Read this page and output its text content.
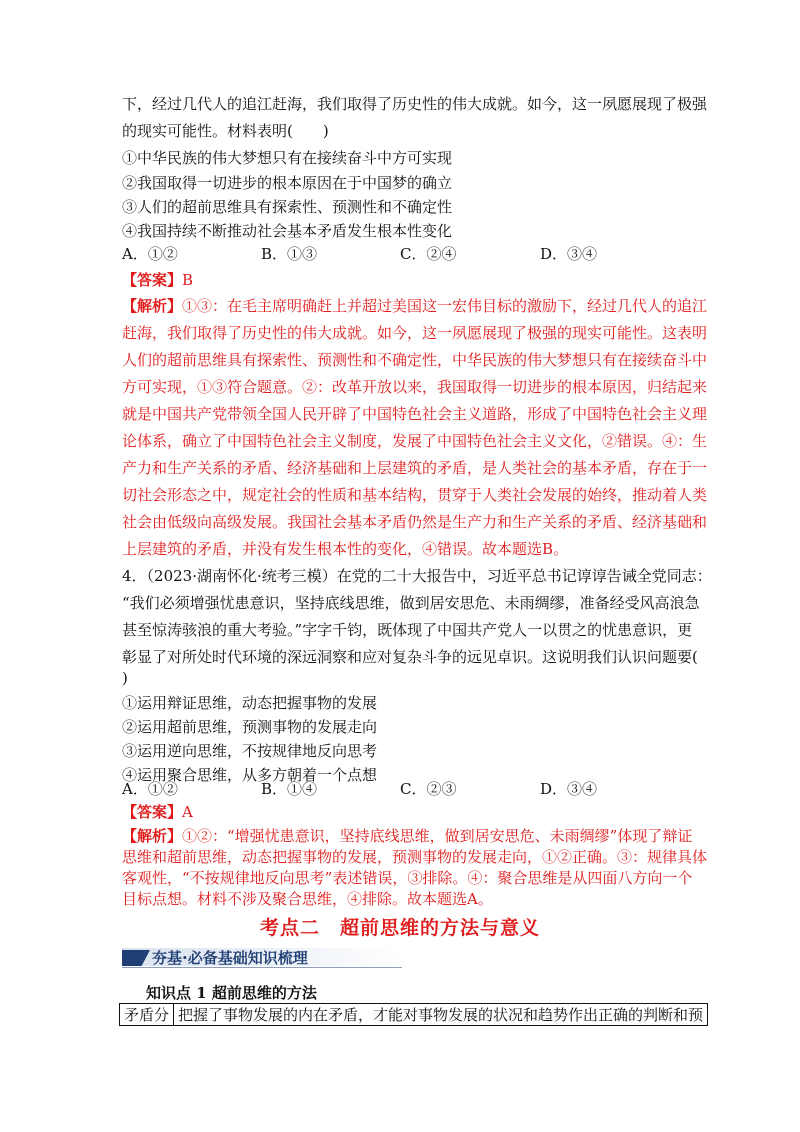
下，经过几代人的追江赶海，我们取得了历史性的伟大成就。如今，这一夙愿展现了极强
的现实可能性。材料表明(　　)
①中华民族的伟大梦想只有在接续奋斗中方可实现
②我国取得一切进步的根本原因在于中国梦的确立
③人们的超前思维具有探索性、预测性和不确定性
④我国持续不断推动社会基本矛盾发生根本性变化
A．①②	B．①③	C．②④	D．③④
【答案】B
【解析】①③：在毛主席明确赶上并超过美国这一宏伟目标的激励下，经过几代人的追江
赶海，我们取得了历史性的伟大成就。如今，这一夙愿展现了极强的现实可能性。这表明
人们的超前思维具有探索性、预测性和不确定性，中华民族的伟大梦想只有在接续奋斗中
方可实现，①③符合题意。②：改革开放以来，我国取得一切进步的根本原因，归结起来
就是中国共产党带领全国人民开辟了中国特色社会主义道路，形成了中国特色社会主义理
论体系，确立了中国特色社会主义制度，发展了中国特色社会主义文化，②错误。④：生
产力和生产关系的矛盾、经济基础和上层建筑的矛盾，是人类社会的基本矛盾，存在于一
切社会形态之中，规定社会的性质和基本结构，贯穿于人类社会发展的始终，推动着人类
社会由低级向高级发展。我国社会基本矛盾仍然是生产力和生产关系的矛盾、经济基础和
上层建筑的矛盾，并没有发生根本性的变化，④错误。故本题选B。
4．（2023·湖南怀化·统考三模）在党的二十大报告中，习近平总书记谆谆告诫全党同志：
“我们必须增强忧患意识，坚持底线思维，做到居安思危、未雨绸缪，准备经受风高浪急
甚至惊涛骇浪的重大考验。”字字千钧，既体现了中国共产党人一以贯之的忧患意识，更
彰显了对所处时代环境的深远洞察和应对复杂斗争的远见卓识。这说明我们认识问题要(
)
①运用辩证思维，动态把握事物的发展
②运用超前思维，预测事物的发展走向
③运用逆向思维，不按规律地反向思考
④运用聚合思维，从多方朝着一个点想
A．①②	B．①④	C．②③	D．③④
【答案】A
【解析】①②：“增强忧患意识，坚持底线思维，做到居安思危、未雨绸缪”体现了辩证
思维和超前思维，动态把握事物的发展，预测事物的发展走向，①②正确。③：规律具体
客观性，“不按规律地反向思考”表述错误，③排除。④：聚合思维是从四面八方向一个
考点二　超前思维的方法与意义
夯基·必备基础知识梳理
知识点 1 超前思维的方法
矛盾分	把握了事物发展的内在矛盾，才能对事物发展的状况和趋势作出正确的判断和预
目标点想。材料不涉及聚合思维，④排除。故本题选A。
